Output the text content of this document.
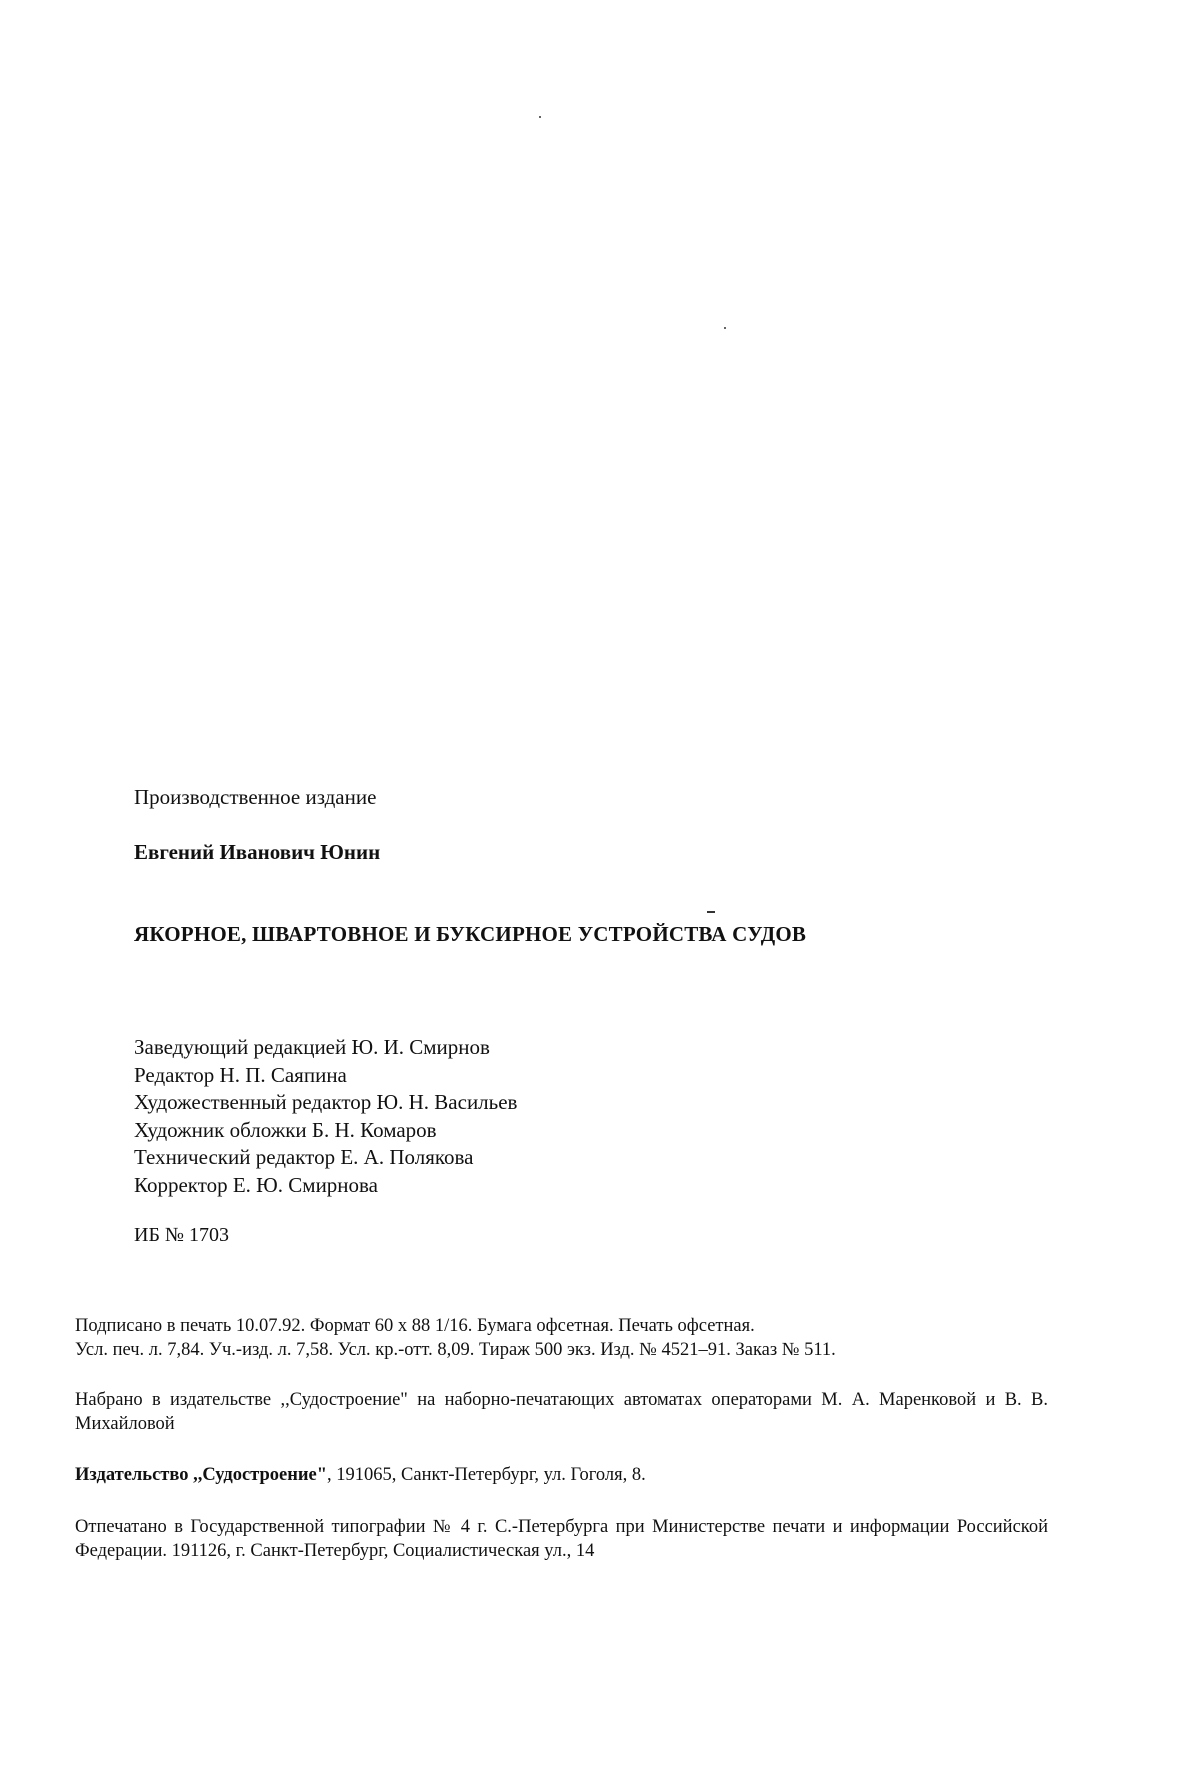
Производственное издание
Евгений Иванович Юнин
ЯКОРНОЕ, ШВАРТОВНОЕ И БУКСИРНОЕ УСТРОЙСТВА СУДОВ
Заведующий редакцией Ю. И. Смирнов
Редактор Н. П. Саяпина
Художественный редактор Ю. Н. Васильев
Художник обложки Б. Н. Комаров
Технический редактор Е. А. Полякова
Корректор Е. Ю. Смирнова
ИБ № 1703

Подписано в печать 10.07.92. Формат 60 x 88 1/16. Бумага офсетная. Печать офсетная.

Усл. печ. л. 7,84. Уч.-изд. л. 7,58. Усл. кр.-отт. 8,09. Тираж 500 экз. Изд. № 4521–91. Заказ № 511.

Набрано в издательстве ,,Судостроение" на наборно-печатающих автоматах операторами М. А. Маренковой и В. В. Михайловой

Издательство ,,Судостроение", 191065, Санкт-Петербург, ул. Гоголя, 8.

Отпечатано в Государственной типографии № 4 г. С.-Петербурга при Министерстве печати и информации Российской Федерации. 191126, г. Санкт-Петербург, Социалистическая ул., 14
